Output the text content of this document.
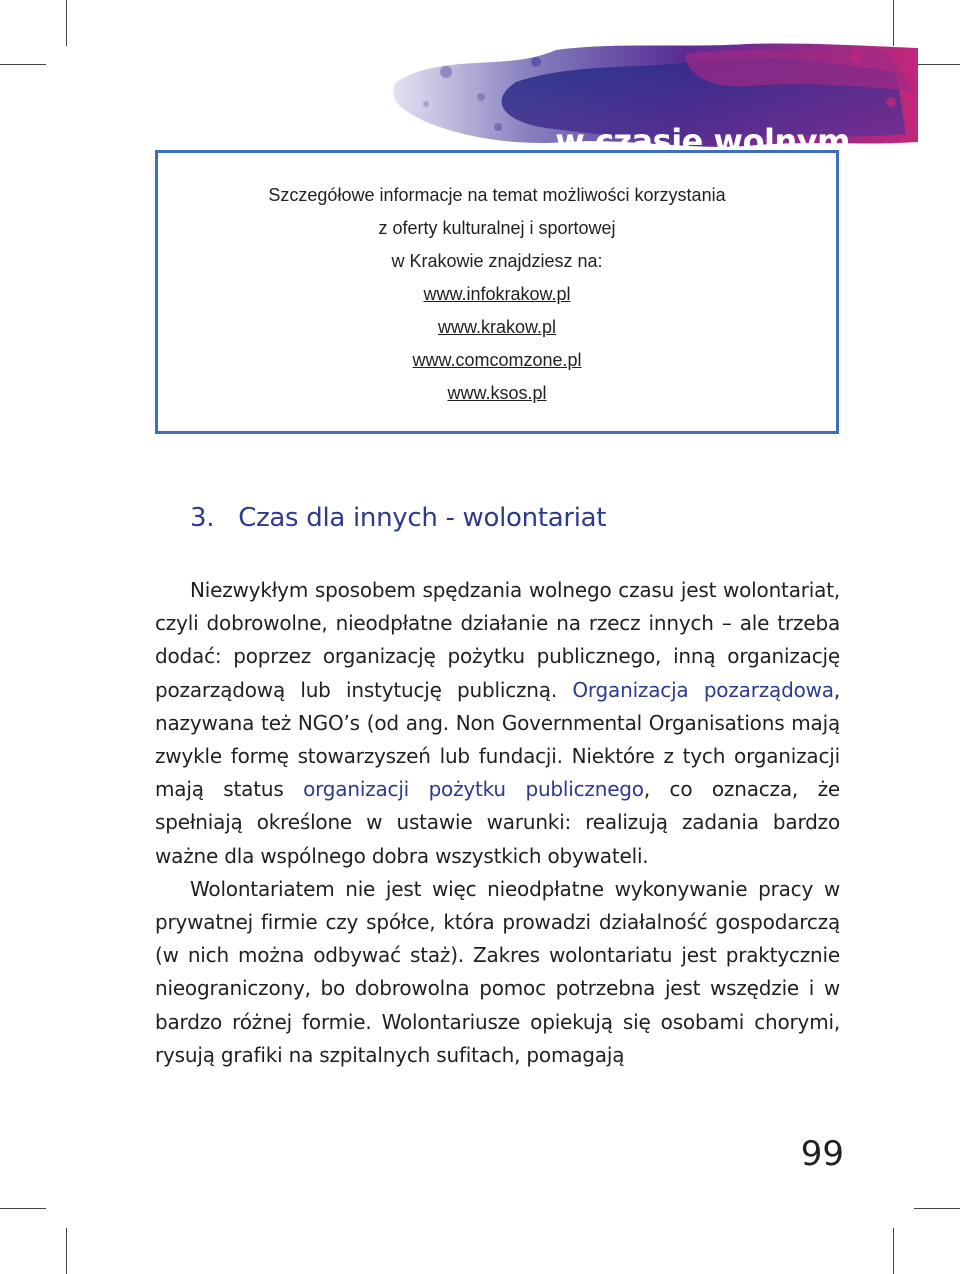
w czasie wolnym
Szczegółowe informacje na temat możliwości korzystania
z oferty kulturalnej i sportowej
w Krakowie znajdziesz na:
www.infokrakow.pl
www.krakow.pl
www.comcomzone.pl
www.ksos.pl
3. Czas dla innych - wolontariat

Niezwykłym sposobem spędzania wolnego czasu jest wolontariat, czyli dobrowolne, nieodpłatne działanie na rzecz innych – ale trzeba dodać: poprzez organizację pożytku publicznego, inną organizację pozarządową lub instytucję publiczną. Organizacja pozarządowa, nazywana też NGO’s (od ang. Non Governmental Organisations mają zwykle formę stowarzyszeń lub fundacji. Niektóre z tych organizacji mają status organizacji pożytku publicznego, co oznacza, że spełniają określone w ustawie warunki: realizują zadania bardzo ważne dla wspólnego dobra wszystkich obywateli.

Wolontariatem nie jest więc nieodpłatne wykonywanie pracy w prywatnej firmie czy spółce, która prowadzi działalność gospodarczą (w nich można odbywać staż). Zakres wolontariatu jest praktycznie nieograniczony, bo dobrowolna pomoc potrzebna jest wszędzie i w bardzo różnej formie. Wolontariusze opiekują się osobami chorymi, rysują grafiki na szpitalnych sufitach, pomagają

99
